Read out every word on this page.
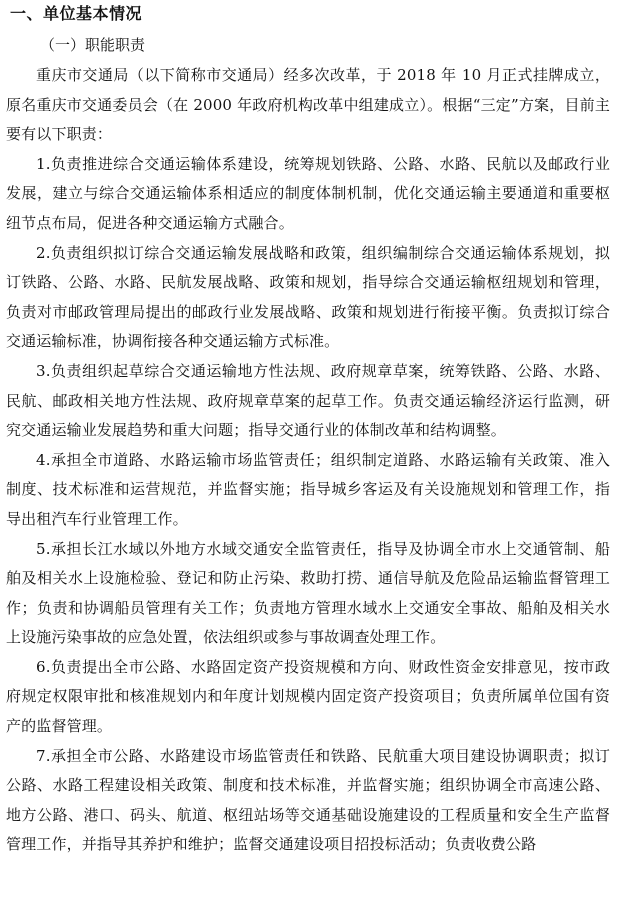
一、单位基本情况
（一）职能职责

重庆市交通局（以下简称市交通局）经多次改革，于 2018 年 10 月正式挂牌成立，原名重庆市交通委员会（在 2000 年政府机构改革中组建成立）。根据“三定”方案，目前主要有以下职责：

1.负责推进综合交通运输体系建设，统筹规划铁路、公路、水路、民航以及邮政行业发展，建立与综合交通运输体系相适应的制度体制机制，优化交通运输主要通道和重要枢纽节点布局，促进各种交通运输方式融合。

2.负责组织拟订综合交通运输发展战略和政策，组织编制综合交通运输体系规划，拟订铁路、公路、水路、民航发展战略、政策和规划，指导综合交通运输枢纽规划和管理，负责对市邮政管理局提出的邮政行业发展战略、政策和规划进行衔接平衡。负责拟订综合交通运输标准，协调衔接各种交通运输方式标准。

3.负责组织起草综合交通运输地方性法规、政府规章草案，统筹铁路、公路、水路、民航、邮政相关地方性法规、政府规章草案的起草工作。负责交通运输经济运行监测，研究交通运输业发展趋势和重大问题；指导交通行业的体制改革和结构调整。

4.承担全市道路、水路运输市场监管责任；组织制定道路、水路运输有关政策、准入制度、技术标准和运营规范，并监督实施；指导城乡客运及有关设施规划和管理工作，指导出租汽车行业管理工作。

5.承担长江水域以外地方水域交通安全监管责任，指导及协调全市水上交通管制、船舶及相关水上设施检验、登记和防止污染、救助打捞、通信导航及危险品运输监督管理工作；负责和协调船员管理有关工作；负责地方管理水域水上交通安全事故、船舶及相关水上设施污染事故的应急处置，依法组织或参与事故调查处理工作。

6.负责提出全市公路、水路固定资产投资规模和方向、财政性资金安排意见，按市政府规定权限审批和核准规划内和年度计划规模内固定资产投资项目；负责所属单位国有资产的监督管理。

7.承担全市公路、水路建设市场监管责任和铁路、民航重大项目建设协调职责；拟订公路、水路工程建设相关政策、制度和技术标准，并监督实施；组织协调全市高速公路、地方公路、港口、码头、航道、枢纽站场等交通基础设施建设的工程质量和安全生产监督管理工作，并指导其养护和维护；监督交通建设项目招投标活动；负责收费公路
